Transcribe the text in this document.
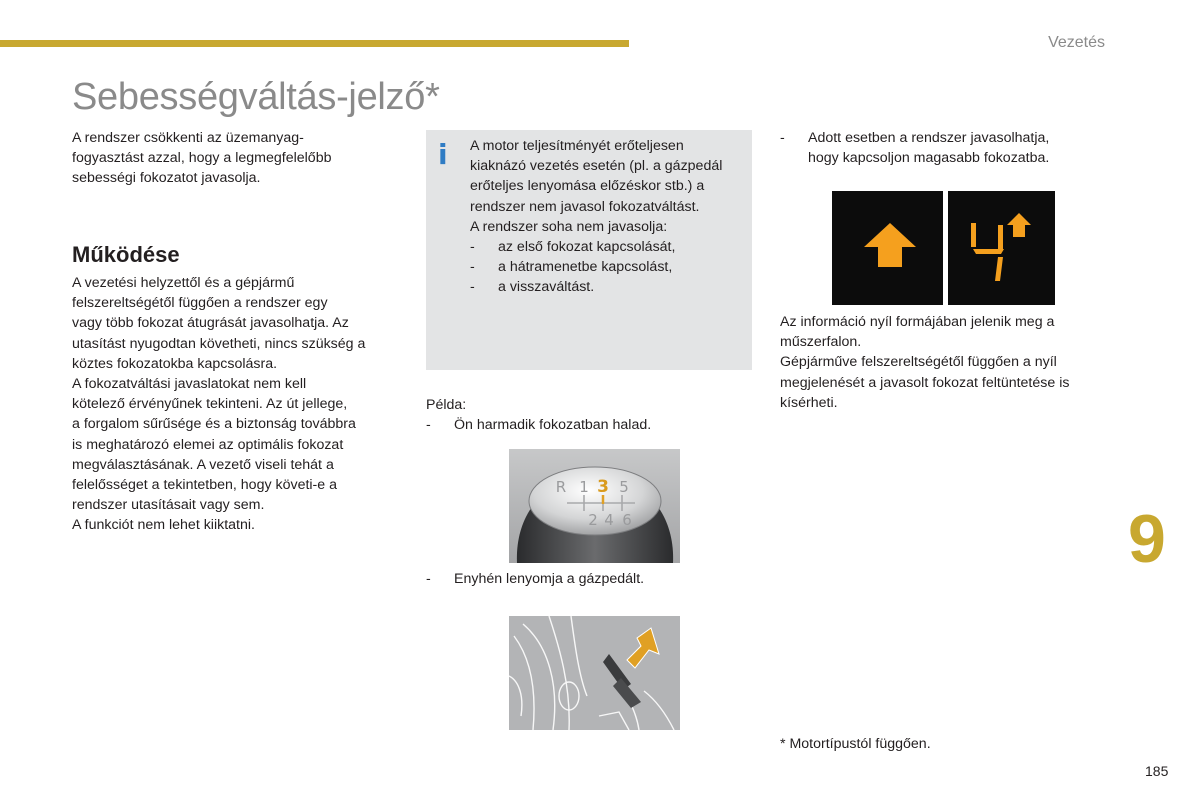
Vezetés
Sebességváltás-jelző*
A rendszer csökkenti az üzemanyag-
fogyasztást azzal, hogy a legmegfelelőbb
sebességi fokozatot javasolja.
Működése
A vezetési helyzettől és a gépjármű
felszereltségétől függően a rendszer egy
vagy több fokozat átugrását javasolhatja. Az
utasítást nyugodtan követheti, nincs szükség a
köztes fokozatokba kapcsolásra.
A fokozatváltási javaslatokat nem kell
kötelező érvényűnek tekinteni. Az út jellege,
a forgalom sűrűsége és a biztonság továbbra
is meghatározó elemei az optimális fokozat
megválasztásának. A vezető viseli tehát a
felelősséget a tekintetben, hogy követi-e a
rendszer utasításait vagy sem.
A funkciót nem lehet kiiktatni.
i A motor teljesítményét erőteljesen
kiaknázó vezetés esetén (pl. a gázpedál
erőteljes lenyomása előzéskor stb.) a
rendszer nem javasol fokozatváltást.
A rendszer soha nem javasolja:
-	az első fokozat kapcsolását,
-	a hátramenetbe kapcsolást,
-	a visszaváltást.
Példa:
-	Ön harmadik fokozatban halad.
R 1 5
2 4 6
3
-	Enyhén lenyomja a gázpedált.
-	Adott esetben a rendszer javasolhatja,
hogy kapcsoljon magasabb fokozatba.
Az információ nyíl formájában jelenik meg a
műszerfalon.
Gépjárműve felszereltségétől függően a nyíl
megjelenését a javasolt fokozat feltüntetése is
kísérheti.
* Motortípustól függően.
9
185
